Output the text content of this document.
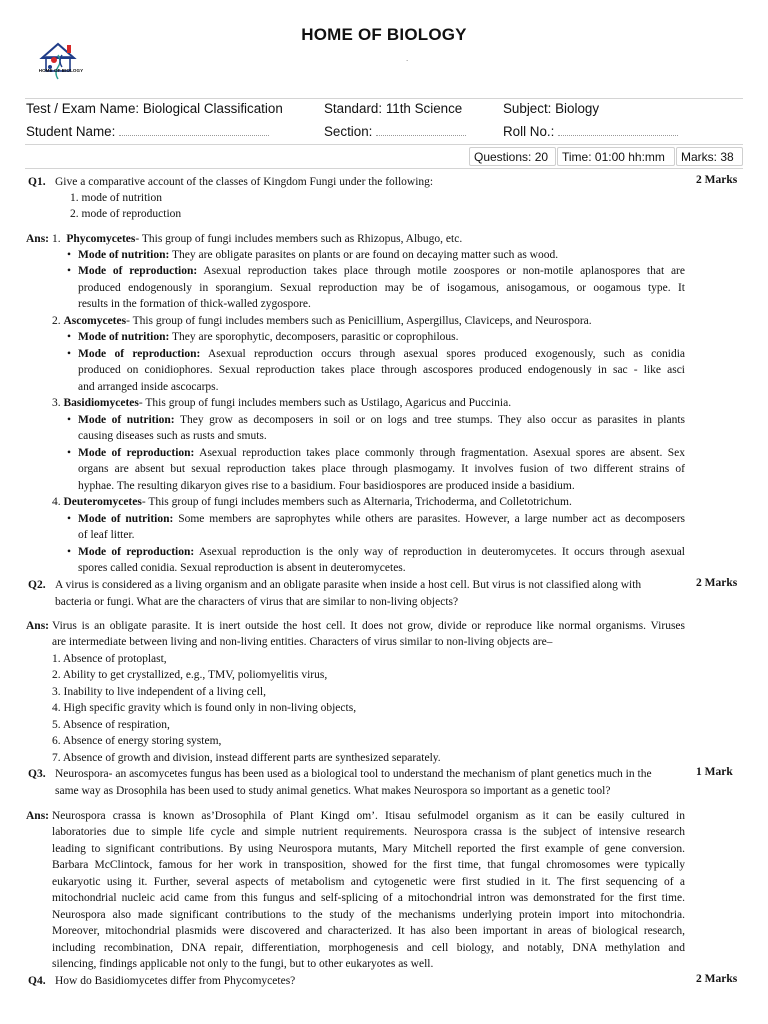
HOME OF BIOLOGY
HOME OF BIOLOGY
.
Test / Exam Name: Biological Classification	Standard: 11th Science	Subject: Biology
Student Name:	Section:	Roll No.:
Questions: 20	Time: 01:00 hh:mm	Marks: 38
Q1. Give a comparative account of the classes of Kingdom Fungi under the following:	2 Marks
1. mode of nutrition
2. mode of reproduction
Ans: 1. Phycomycetes- This group of fungi includes members such as Rhizopus, Albugo, etc.
• Mode of nutrition: They are obligate parasites on plants or are found on decaying matter such as wood.
• Mode of reproduction: Asexual reproduction takes place through motile zoospores or non-motile aplanospores that are
produced endogenously in sporangium. Sexual reproduction may be of isogamous, anisogamous, or oogamous type. It
results in the formation of thick-walled zygospore.
2. Ascomycetes- This group of fungi includes members such as Penicillium, Aspergillus, Claviceps, and Neurospora.
• Mode of nutrition: They are sporophytic, decomposers, parasitic or coprophilous.
• Mode of reproduction: Asexual reproduction occurs through asexual spores produced exogenously, such as conidia
produced on conidiophores. Sexual reproduction takes place through ascospores produced endogenously in sac - like asci
and arranged inside ascocarps.
3. Basidiomycetes- This group of fungi includes members such as Ustilago, Agaricus and Puccinia.
• Mode of nutrition: They grow as decomposers in soil or on logs and tree stumps. They also occur as parasites in plants
causing diseases such as rusts and smuts.
• Mode of reproduction: Asexual reproduction takes place commonly through fragmentation. Asexual spores are absent. Sex
organs are absent but sexual reproduction takes place through plasmogamy. It involves fusion of two different strains of
hyphae. The resulting dikaryon gives rise to a basidium. Four basidiospores are produced inside a basidium.
4. Deuteromycetes- This group of fungi includes members such as Alternaria, Trichoderma, and Colletotrichum.
• Mode of nutrition: Some members are saprophytes while others are parasites. However, a large number act as decomposers
of leaf litter.
• Mode of reproduction: Asexual reproduction is the only way of reproduction in deuteromycetes. It occurs through asexual
spores called conidia. Sexual reproduction is absent in deuteromycetes.
Q2. A virus is considered as a living organism and an obligate parasite when inside a host cell. But virus is not classified along with	2 Marks
bacteria or fungi. What are the characters of virus that are similar to non-living objects?
Ans: Virus is an obligate parasite. It is inert outside the host cell. It does not grow, divide or reproduce like normal organisms. Viruses
are intermediate between living and non-living entities. Characters of virus similar to non-living objects are–
1. Absence of protoplast,
2. Ability to get crystallized, e.g., TMV, poliomyelitis virus,
3. Inability to live independent of a living cell,
4. High specific gravity which is found only in non-living objects,
5. Absence of respiration,
6. Absence of energy storing system,
7. Absence of growth and division, instead different parts are synthesized separately.
Q3. Neurospora- an ascomycetes fungus has been used as a biological tool to understand the mechanism of plant genetics much in the	1 Mark
same way as Drosophila has been used to study animal genetics. What makes Neurospora so important as a genetic tool?
Ans: Neurospora crassa is known as’Drosophila of Plant Kingd om’. Itisau sefulmodel organism as it can be easily cultured in
laboratories due to simple life cycle and simple nutrient requirements. Neurospora crassa is the subject of intensive research
leading to significant contributions. By using Neurospora mutants, Mary Mitchell reported the first example of gene conversion.
Barbara McClintock, famous for her work in transposition, showed for the first time, that fungal chromosomes were typically
eukaryotic using it. Further, several aspects of metabolism and cytogenetic were first studied in it. The first sequencing of a
mitochondrial nucleic acid came from this fungus and self-splicing of a mitochondrial intron was demonstrated for the first time.
Neurospora also made significant contributions to the study of the mechanisms underlying protein import into mitochondria.
Moreover, mitochondrial plasmids were discovered and characterized. It has also been important in areas of biological research,
including recombination, DNA repair, differentiation, morphogenesis and cell biology, and notably, DNA methylation and
silencing, findings applicable not only to the fungi, but to other eukaryotes as well.
Q4. How do Basidiomycetes differ from Phycomycetes?	2 Marks
